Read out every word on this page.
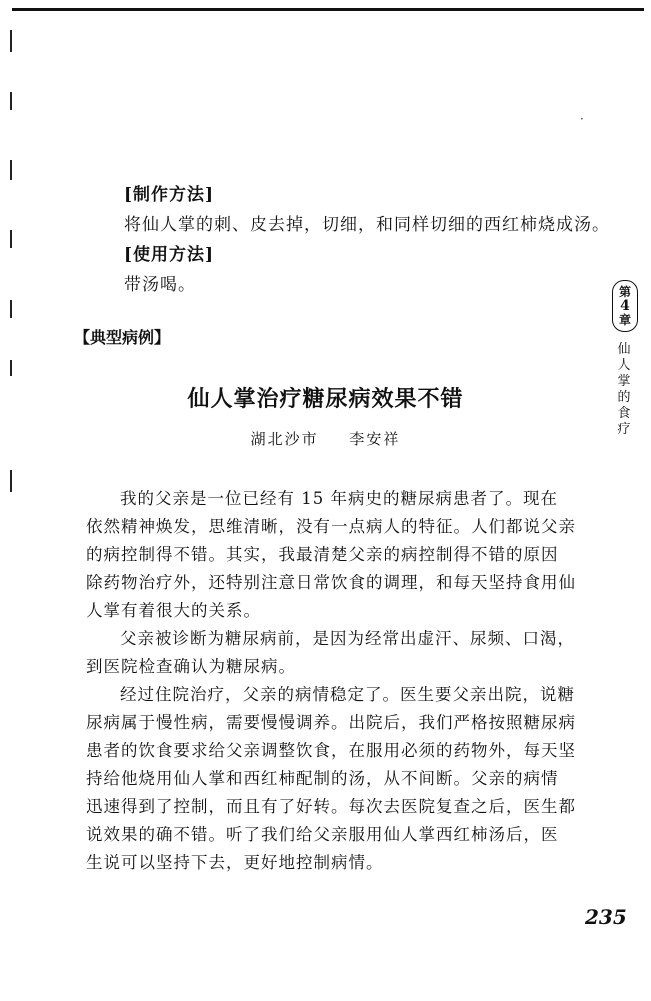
·
[制作方法]
将仙人掌的刺、皮去掉，切细，和同样切细的西红柿烧成汤。
[使用方法]
带汤喝。
【典型病例】
仙人掌治疗糖尿病效果不错
湖北沙市 李安祥
我的父亲是一位已经有 15 年病史的糖尿病患者了。现在
依然精神焕发，思维清晰，没有一点病人的特征。人们都说父亲
的病控制得不错。其实，我最清楚父亲的病控制得不错的原因
除药物治疗外，还特别注意日常饮食的调理，和每天坚持食用仙
人掌有着很大的关系。
父亲被诊断为糖尿病前，是因为经常出虚汗、尿频、口渴，
到医院检查确认为糖尿病。
经过住院治疗，父亲的病情稳定了。医生要父亲出院，说糖
尿病属于慢性病，需要慢慢调养。出院后，我们严格按照糖尿病
患者的饮食要求给父亲调整饮食，在服用必须的药物外，每天坚
持给他烧用仙人掌和西红柿配制的汤，从不间断。父亲的病情
迅速得到了控制，而且有了好转。每次去医院复查之后，医生都
说效果的确不错。听了我们给父亲服用仙人掌西红柿汤后，医
生说可以坚持下去，更好地控制病情。
第
4
章
仙人掌的食疗
235
